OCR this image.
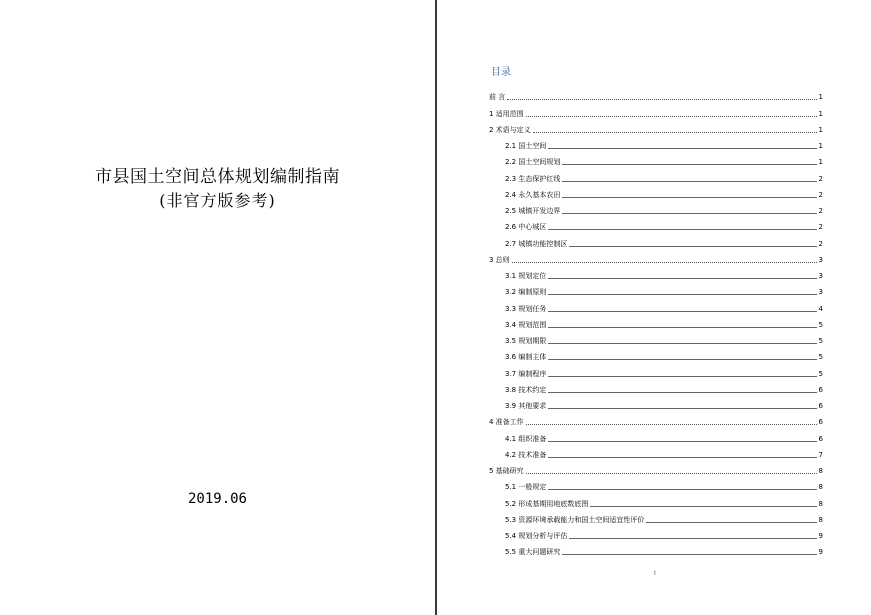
市县国土空间总体规划编制指南
(非官方版参考)
2019.06
目录
前 言	1
1 适用范围	1
2 术语与定义	1
2.1 国土空间	1
2.2 国土空间规划	1
2.3 生态保护红线	2
2.4 永久基本农田	2
2.5 城镇开发边界	2
2.6 中心城区	2
2.7 城镇功能控制区	2
3 总则	3
3.1 规划定位	3
3.2 编制原则	3
3.3 规划任务	4
3.4 规划范围	5
3.5 规划期限	5
3.6 编制主体	5
3.7 编制程序	5
3.8 技术约定	6
3.9 其他要求	6
4 准备工作	6
4.1 组织准备	6
4.2 技术准备	7
5 基础研究	8
5.1 一般规定	8
5.2 形成基期用地底数底图	8
5.3 资源环境承载能力和国土空间适宜性评价	8
5.4 规划分析与评估	9
5.5 重大问题研究	9
I
